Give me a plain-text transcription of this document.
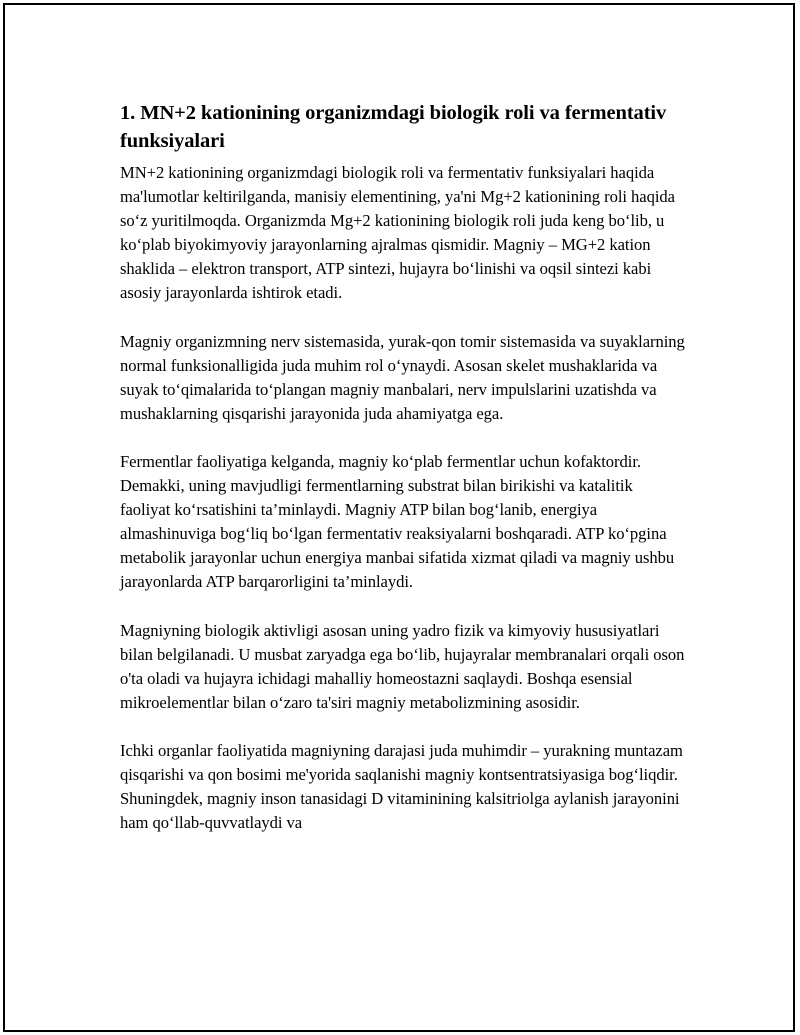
1. MN+2 kationining organizmdagi biologik roli va fermentativ funksiyalari

MN+2 kationining organizmdagi biologik roli va fermentativ funksiyalari haqida ma'lumotlar keltirilganda, manisiy elementining, ya'ni Mg+2 kationining roli haqida so‘z yuritilmoqda. Organizmda Mg+2 kationining biologik roli juda keng bo‘lib, u ko‘plab biyokimyoviy jarayonlarning ajralmas qismidir. Magniy – MG+2 kation shaklida – elektron transport, ATP sintezi, hujayra bo‘linishi va oqsil sintezi kabi asosiy jarayonlarda ishtirok etadi.

Magniy organizmning nerv sistemasida, yurak-qon tomir sistemasida va suyaklarning normal funksionalligida juda muhim rol o‘ynaydi. Asosan skelet mushaklarida va suyak to‘qimalarida to‘plangan magniy manbalari, nerv impulslarini uzatishda va mushaklarning qisqarishi jarayonida juda ahamiyatga ega.

Fermentlar faoliyatiga kelganda, magniy ko‘plab fermentlar uchun kofaktordir. Demakki, uning mavjudligi fermentlarning substrat bilan birikishi va katalitik faoliyat ko‘rsatishini ta’minlaydi. Magniy ATP bilan bog‘lanib, energiya almashinuviga bog‘liq bo‘lgan fermentativ reaksiyalarni boshqaradi. ATP ko‘pgina metabolik jarayonlar uchun energiya manbai sifatida xizmat qiladi va magniy ushbu jarayonlarda ATP barqarorligini ta’minlaydi.

Magniyning biologik aktivligi asosan uning yadro fizik va kimyoviy hususiyatlari bilan belgilanadi. U musbat zaryadga ega bo‘lib, hujayralar membranalari orqali oson o'ta oladi va hujayra ichidagi mahalliy homeostazni saqlaydi. Boshqa esensial mikroelementlar bilan o‘zaro ta'siri magniy metabolizmining asosidir.

Ichki organlar faoliyatida magniyning darajasi juda muhimdir – yurakning muntazam qisqarishi va qon bosimi me'yorida saqlanishi magniy kontsentratsiyasiga bog‘liqdir. Shuningdek, magniy inson tanasidagi D vitaminining kalsitriolga aylanish jarayonini ham qo‘llab-quvvatlaydi va
